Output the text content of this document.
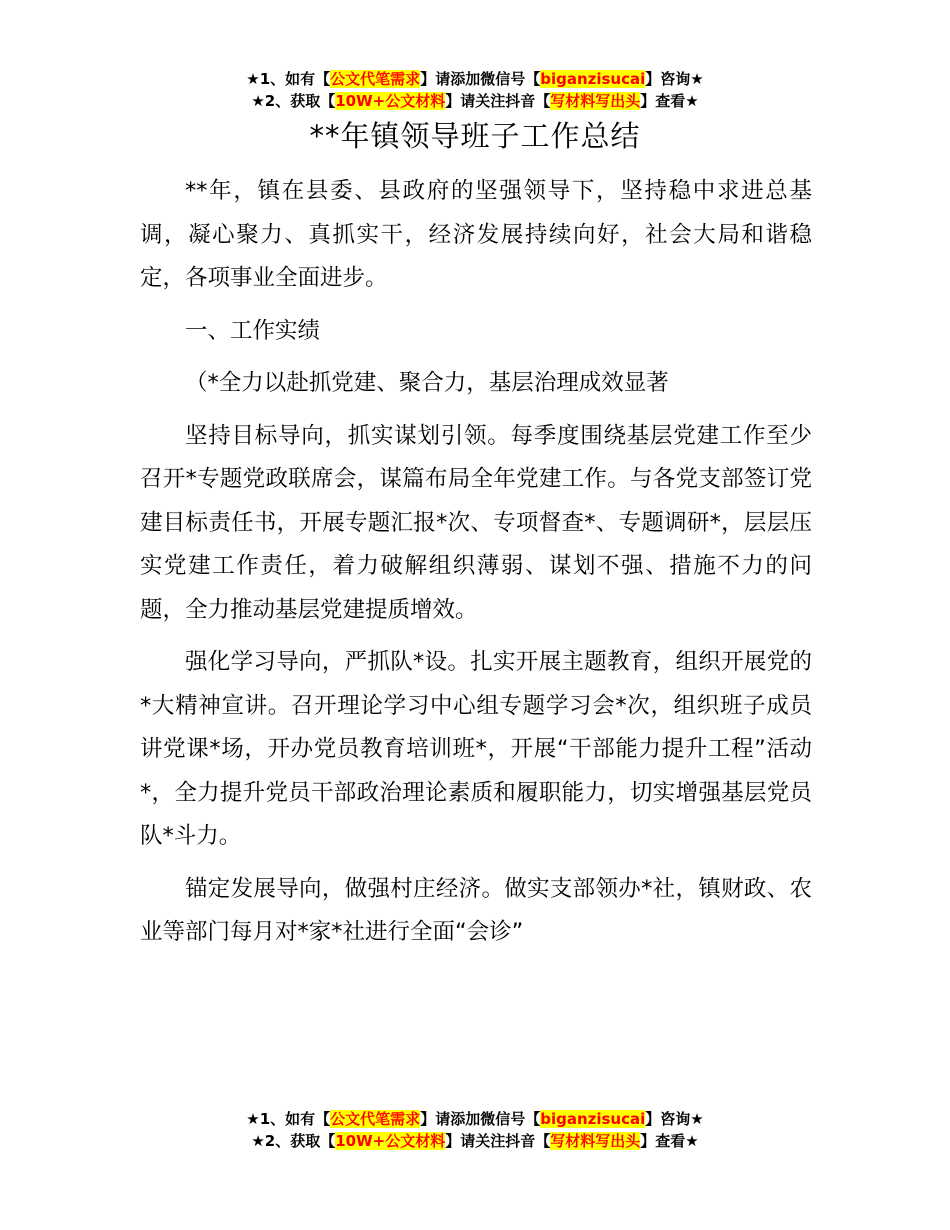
★1、如有【公文代笔需求】请添加微信号【biganzisucai】咨询★
★2、获取【10W+公文材料】请关注抖音【写材料写出头】查看★
**年镇领导班子工作总结

**年，镇在县委、县政府的坚强领导下，坚持稳中求进总基调，凝心聚力、真抓实干，经济发展持续向好，社会大局和谐稳定，各项事业全面进步。

一、工作实绩

（*全力以赴抓党建、聚合力，基层治理成效显著

坚持目标导向，抓实谋划引领。每季度围绕基层党建工作至少召开*专题党政联席会，谋篇布局全年党建工作。与各党支部签订党建目标责任书，开展专题汇报*次、专项督查*、专题调研*，层层压实党建工作责任，着力破解组织薄弱、谋划不强、措施不力的问题，全力推动基层党建提质增效。

强化学习导向，严抓队*设。扎实开展主题教育，组织开展党的*大精神宣讲。召开理论学习中心组专题学习会*次，组织班子成员讲党课*场，开办党员教育培训班*，开展“干部能力提升工程”活动*，全力提升党员干部政治理论素质和履职能力，切实增强基层党员队*斗力。

锚定发展导向，做强村庄经济。做实支部领办*社，镇财政、农业等部门每月对*家*社进行全面“会诊”

★1、如有【公文代笔需求】请添加微信号【biganzisucai】咨询★
★2、获取【10W+公文材料】请关注抖音【写材料写出头】查看★
